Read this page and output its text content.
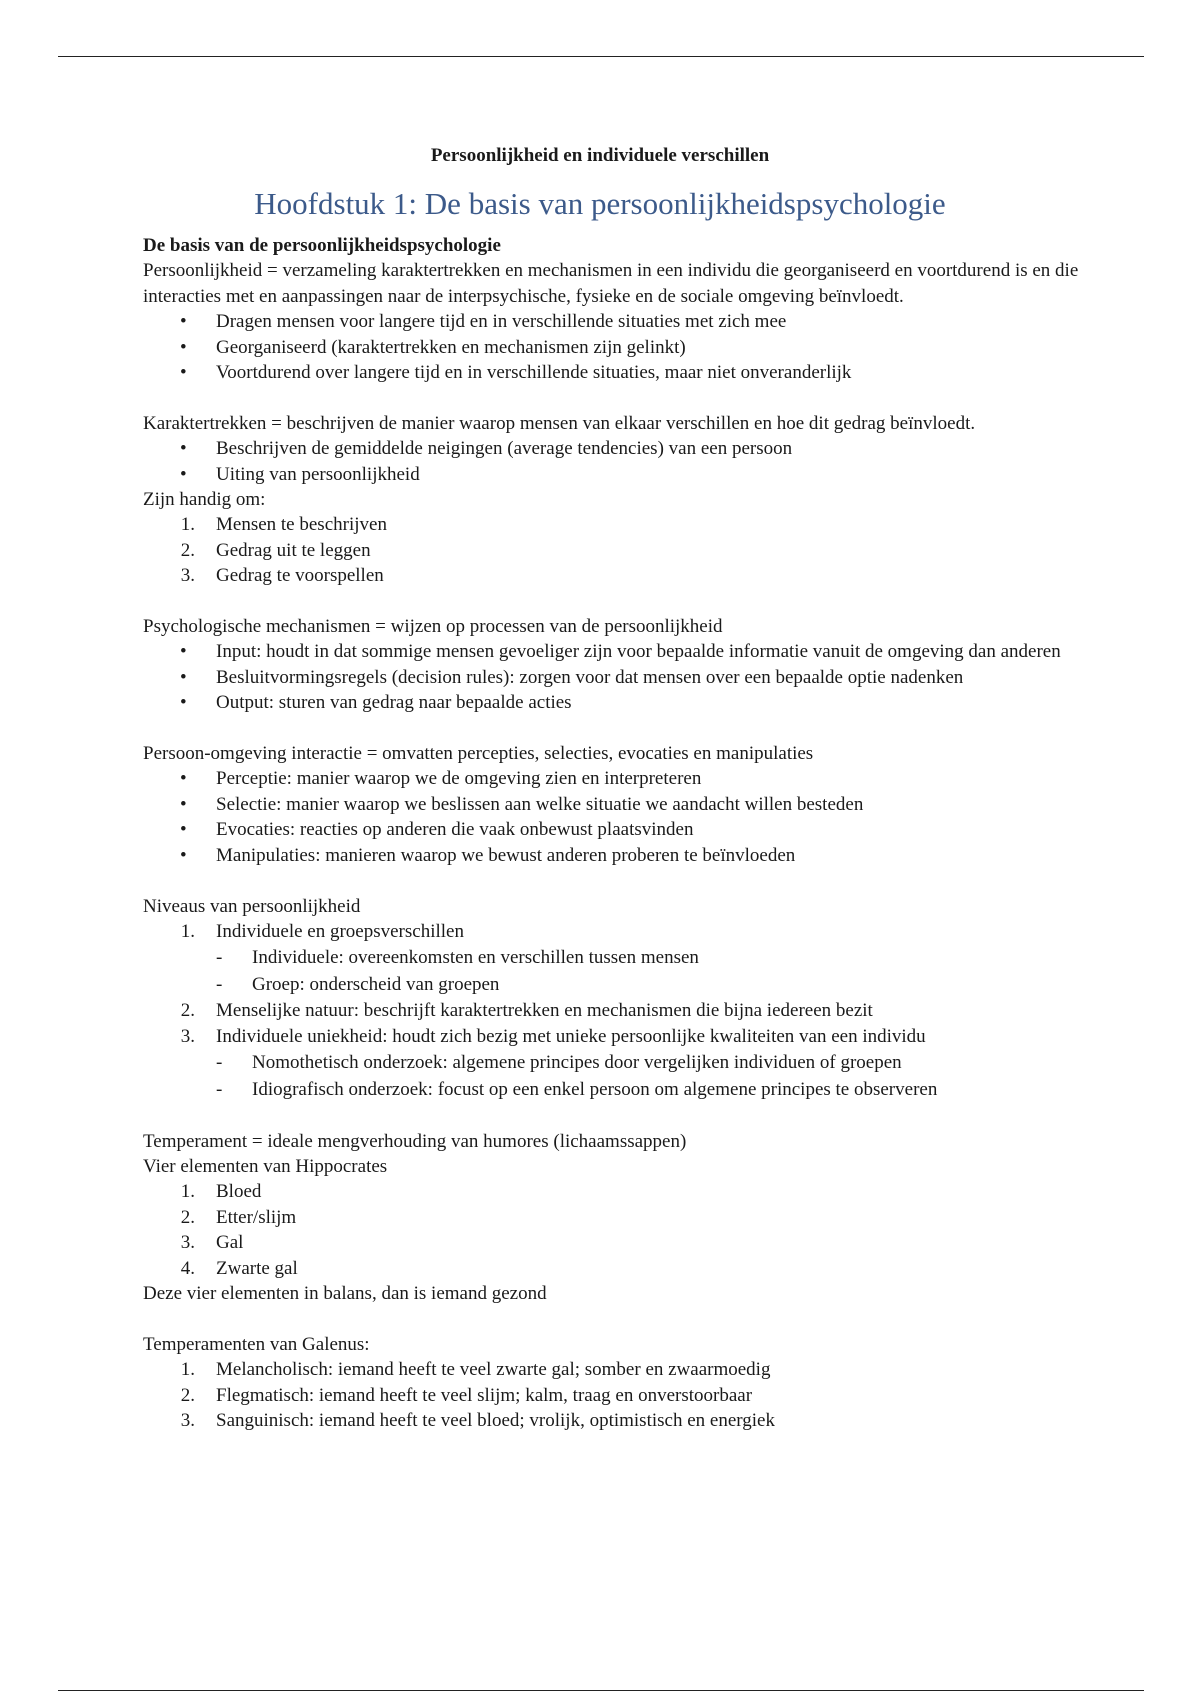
Persoonlijkheid en individuele verschillen
Hoofdstuk 1: De basis van persoonlijkheidspsychologie

De basis van de persoonlijkheidspsychologie

Persoonlijkheid = verzameling karaktertrekken en mechanismen in een individu die georganiseerd en voortdurend is en die interacties met en aanpassingen naar de interpsychische, fysieke en de sociale omgeving beïnvloedt.

• Dragen mensen voor langere tijd en in verschillende situaties met zich mee
• Georganiseerd (karaktertrekken en mechanismen zijn gelinkt)
• Voortdurend over langere tijd en in verschillende situaties, maar niet onveranderlijk

Karaktertrekken = beschrijven de manier waarop mensen van elkaar verschillen en hoe dit gedrag beïnvloedt.

• Beschrijven de gemiddelde neigingen (average tendencies) van een persoon
• Uiting van persoonlijkheid

Zijn handig om:

1. Mensen te beschrijven
2. Gedrag uit te leggen
3. Gedrag te voorspellen

Psychologische mechanismen = wijzen op processen van de persoonlijkheid

• Input: houdt in dat sommige mensen gevoeliger zijn voor bepaalde informatie vanuit de omgeving dan anderen
• Besluitvormingsregels (decision rules): zorgen voor dat mensen over een bepaalde optie nadenken
• Output: sturen van gedrag naar bepaalde acties

Persoon-omgeving interactie = omvatten percepties, selecties, evocaties en manipulaties

• Perceptie: manier waarop we de omgeving zien en interpreteren
• Selectie: manier waarop we beslissen aan welke situatie we aandacht willen besteden
• Evocaties: reacties op anderen die vaak onbewust plaatsvinden
• Manipulaties: manieren waarop we bewust anderen proberen te beïnvloeden

Niveaus van persoonlijkheid

1. Individuele en groepsverschillen
- Individuele: overeenkomsten en verschillen tussen mensen
- Groep: onderscheid van groepen
2. Menselijke natuur: beschrijft karaktertrekken en mechanismen die bijna iedereen bezit
3. Individuele uniekheid: houdt zich bezig met unieke persoonlijke kwaliteiten van een individu
- Nomothetisch onderzoek: algemene principes door vergelijken individuen of groepen
- Idiografisch onderzoek: focust op een enkel persoon om algemene principes te observeren

Temperament = ideale mengverhouding van humores (lichaamssappen)

Vier elementen van Hippocrates

1. Bloed
2. Etter/slijm
3. Gal
4. Zwarte gal

Deze vier elementen in balans, dan is iemand gezond

Temperamenten van Galenus:

1. Melancholisch: iemand heeft te veel zwarte gal; somber en zwaarmoedig
2. Flegmatisch: iemand heeft te veel slijm; kalm, traag en onverstoorbaar
3. Sanguinisch: iemand heeft te veel bloed; vrolijk, optimistisch en energiek
